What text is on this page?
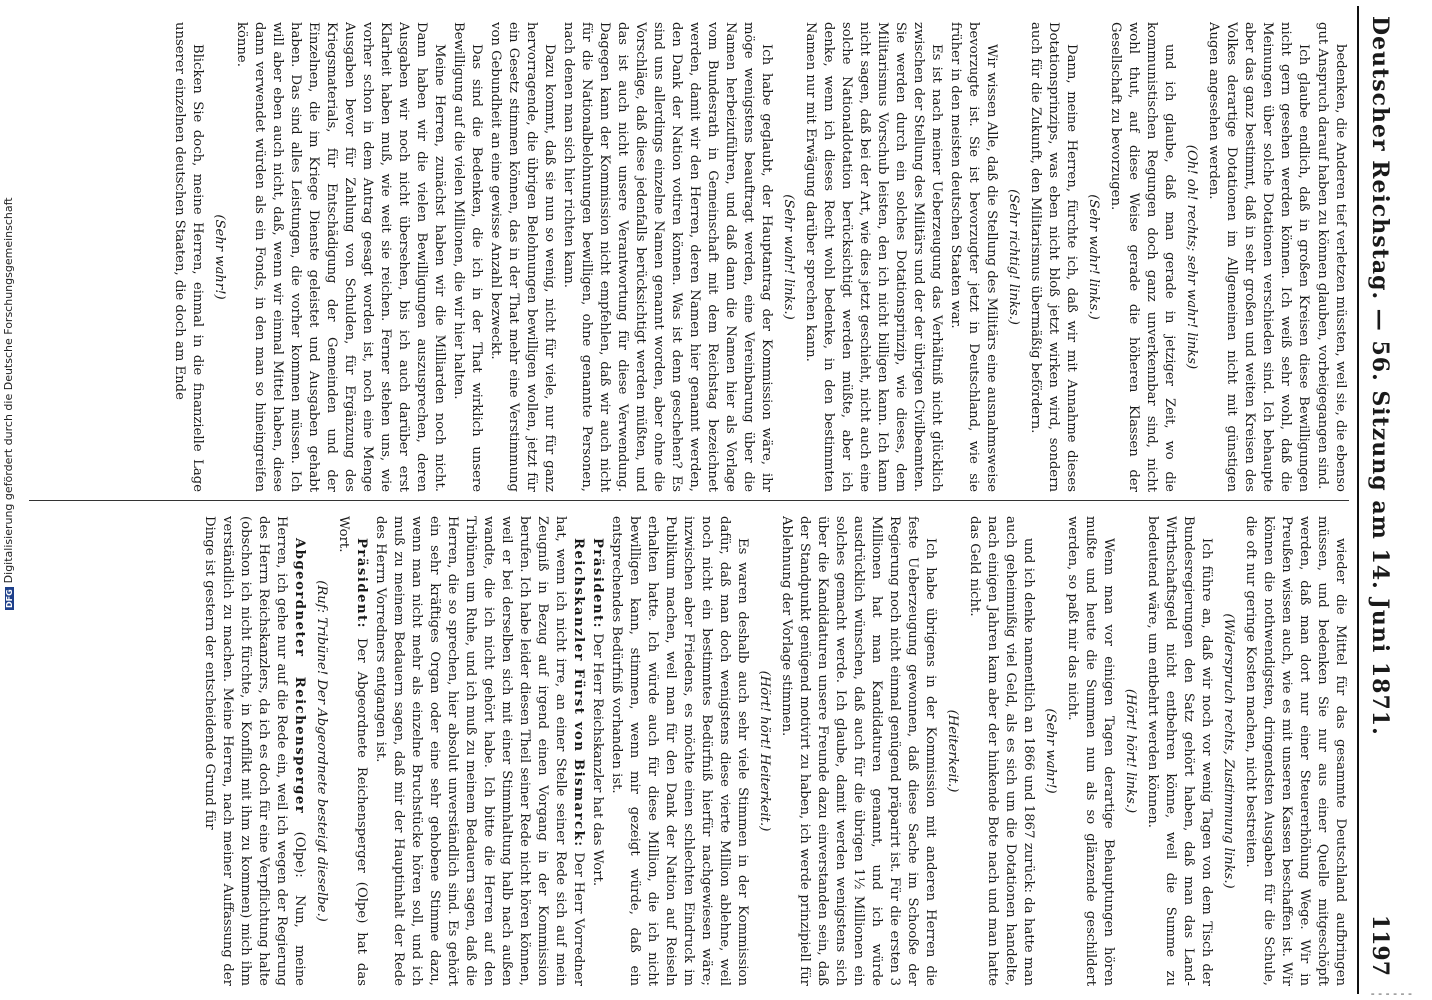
Deutscher Reichstag. — 56. Sitzung am 14. Juni 1871.
1197

bedenken, die Anderen tief verletzen müssten, weil sie, die ebenso gut Anspruch darauf haben zu können glauben, vorbeigegangen sind.

Ich glaube endlich, daß in großen Kreisen diese Bewilligungen nicht gern gesehen werden können. Ich weiß sehr wohl, daß die Meinungen über solche Dotationen verschieden sind. Ich behaupte aber das ganz bestimmt, daß in sehr großen und weiten Kreisen des Volkes derartige Dotationen im Allgemeinen nicht mit günstigen Augen angesehen werden.

(Oh! oh! rechts; sehr wahr! links)

und ich glaube, daß man gerade in jetziger Zeit, wo die kommunistischen Regungen doch ganz unverkennbar sind, nicht wohl thut, auf diese Weise gerade die höheren Klassen der Gesellschaft zu bevorzugen.

(Sehr wahr! links.)

Dann, meine Herren, fürchte ich, daß wir mit Annahme dieses Dotationsprinzips, was eben nicht bloß jetzt wirken wird, sondern auch für die Zukunft, den Militarismus übermäßig befördern.

(Sehr richtig! links.)

Wir wissen Alle, daß die Stellung des Militärs eine ausnahmsweise bevorzugte ist. Sie ist bevorzugter jetzt in Deutschland, wie sie früher in den meisten deutschen Staaten war.

Es ist nach meiner Ueberzeugung das Verhältniß nicht glücklich zwischen der Stellung des Militärs und der der übrigen Civilbeamten. Sie werden durch ein solches Dotationsprinzip, wie dieses, dem Militarismus Vorschub leisten, den ich nicht billigen kann. Ich kann nicht sagen, daß bei der Art, wie dies jetzt geschieht, nicht auch eine solche Nationaldotation berücksichtigt werden müßte, aber ich denke, wenn ich dieses Recht wohl bedenke, in den bestimmten Namen nur mit Erwägung darüber sprechen kann.

(Sehr wahr! links.)

Ich habe geglaubt, der Hauptantrag der Kommission wäre, ihr möge wenigstens beauftragt werden, eine Vereinbarung über die Namen herbeizuführen, und daß dann die Namen hier als Vorlage vom Bundesrath in Gemeinschaft mit dem Reichstag bezeichnet werden, damit wir den Herren, deren Namen hier genannt werden, den Dank der Nation votiren können. Was ist denn geschehen? Es sind uns allerdings einzelne Namen genannt worden, aber ohne die Vorschläge, daß diese jedenfalls berücksichtigt werden müßten, und das ist auch nicht unsere Verantwortung für diese Verwendung. Dagegen kann der Kommission nicht empfehlen, daß wir auch nicht für die Nationalbelohnungen bewilligen, ohne genannte Personen, nach denen man sich hier richten kann.

Dazu kommt, daß sie nun so wenig, nicht für viele, nur für ganz hervorragende, die übrigen Belohnungen bewilligen wollen, jetzt für ein Gesetz stimmen können, das in der That mehr eine Verstimmung von Gebundheit an eine gewisse Anzahl bezweckt.

Das sind die Bedenken, die ich in der That wirklich unsere Bewilligung auf die vielen Millionen, die wir hier halten.

Meine Herren, zunächst haben wir die Milliarden noch nicht. Dann haben wir die vielen Bewilligungen auszusprechen, deren Ausgaben wir noch nicht übersehen, bis ich auch darüber erst Klarheit haben muß, wie weit sie reichen. Ferner stehen uns, wie vorher schon in dem Antrag gesagt worden ist, noch eine Menge Ausgaben bevor für Zahlung von Schulden, für Ergänzung des Kriegsmaterials, für Entschädigung der Gemeinden und der Einzelnen, die im Kriege Dienste geleistet und Ausgaben gehabt haben. Das sind alles Leistungen, die vorher kommen müssen. Ich will aber eben auch nicht, daß, wenn wir einmal Mittel haben, diese dann verwendet würden als ein Fonds, in den man so hineingreifen könne.

(Sehr wahr!)

Blicken Sie doch, meine Herren, einmal in die finanzielle Lage unserer einzelnen deutschen Staaten, die doch am Ende

wieder die Mittel für das gesammte Deutschland aufbringen müssen, und bedenken Sie nur aus einer Quelle mitgeschöpft werden, daß man dort nur einer Steuererhöhung Wege. Wir in Preußen wissen auch, wie es mit unseren Kassen beschaffen ist. Wir können die nothwendigsten, dringendsten Ausgaben für die Schule, die oft nur geringe Kosten machen, nicht bestreiten.

(Widerspruch rechts, Zustimmung links.)

Ich führe an, daß wir noch vor wenig Tagen von dem Tisch der Bundesregierungen den Satz gehört haben, daß man das Land-Wirthschaftsgeld nicht entbehren könne, weil die Summe zu bedeutend wäre, um entbehrt werden können.

(Hört! hört! links.)

Wenn man vor einigen Tagen derartige Behauptungen hören mußte und heute die Summen nun als so glänzende geschildert werden, so paßt mir das nicht.

(Sehr wahr!)

und ich denke namentlich an 1866 und 1867 zurück: da hatte man auch geheimnißig viel Geld, als es sich um die Dotationen handelte, nach einigen Jahren kam aber der hinkende Bote nach und man hatte das Geld nicht.

(Heiterkeit.)

Ich habe übrigens in der Kommission mit anderen Herren die feste Ueberzeugung gewonnen, daß diese Sache im Schooße der Regierung noch nicht einmal genügend präparirt ist. Für die ersten 3 Millionen hat man Kandidaturen genannt, und ich würde ausdrücklich wünschen, daß auch für die übrigen 1½ Millionen ein solches gemacht werde. Ich glaube, damit werden wenigstens sich über die Kandidaturen unsere Freunde dazu einverstanden sein, daß der Standpunkt genügend motivirt zu haben, ich werde prinzipiell für Ablehnung der Vorlage stimmen.

(Hört! hört! Heiterkeit.)

Es waren deshalb auch sehr viele Stimmen in der Kommission dafür, daß man doch wenigstens diese vierte Million ablehne, weil noch nicht ein bestimmtes Bedürfniß hierfür nachgewiesen wäre; inzwischen aber Friedens, es möchte einen schlechten Eindruck im Publikum machen, weil man für den Dank der Nation auf Reiseln erhalten hatte. Ich würde auch für diese Million, die ich nicht bewilligen kann, stimmen, wenn mir gezeigt würde, daß ein entsprechendes Bedürfniß vorhanden ist.

Präsident: Der Herr Reichskanzler hat das Wort.

Reichskanzler Fürst von Bismarck: Der Herr Vorredner hat, wenn ich nicht irre, an einer Stelle seiner Rede sich auf mein Zeugniß in Bezug auf irgend einen Vorgang in der Kommission berufen. Ich habe leider diesen Theil seiner Rede nicht hören können, weil er bei derselben sich mit einer Stimmhaltung halb nach außen wandte, die ich nicht gehört habe. Ich bitte die Herren auf den Tribünen um Ruhe, und ich muß zu meinem Bedauern sagen, daß die Herren, die so sprechen, hier absolut unverständlich sind. Es gehört ein sehr kräftiges Organ oder eine sehr gehobene Stimme dazu, wenn man nicht mehr als einzelne Bruchstücke hören soll, und ich muß zu meinem Bedauern sagen, daß mir der Hauptinhalt der Rede des Herrn Vorredners entgangen ist.

Präsident: Der Abgeordnete Reichensperger (Olpe) hat das Wort.

(Ruf: Tribüne! Der Abgeordnete besteigt dieselbe.)

Abgeordneter Reichensperger (Olpe): Nun, meine Herren, ich gehe nur auf die Rede ein, weil ich wegen der Regierung des Herrn Reichskanzlers, da ich es doch für eine Verpflichtung halte (obschon ich nicht fürchte, in Konflikt mit ihm zu kommen) mich ihm verständlich zu machen. Meine Herren, nach meiner Auffassung der Dinge ist gestern der entscheidende Grund für

DFGDigitalisierung gefördert durch die Deutsche Forschungsgemeinschaft
- - - - - -
